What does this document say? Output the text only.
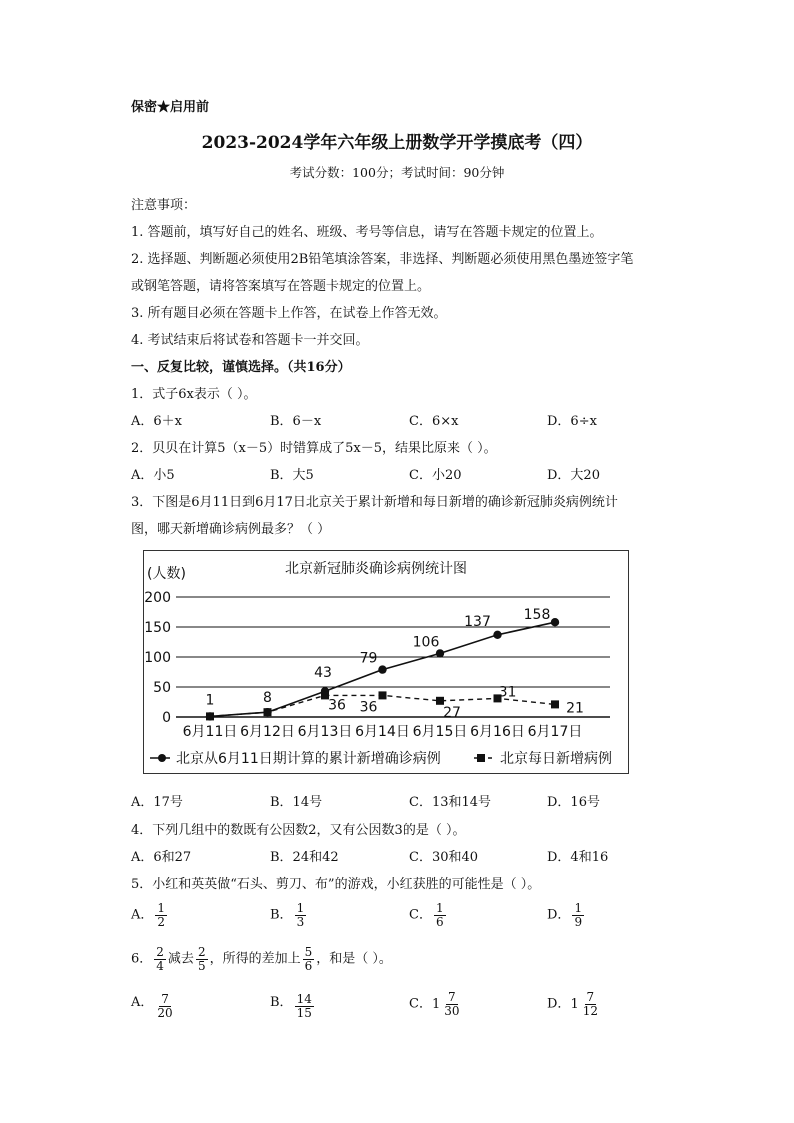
保密★启用前
2023-2024学年六年级上册数学开学摸底考（四）
考试分数：100分；考试时间：90分钟
注意事项：
1. 答题前，填写好自己的姓名、班级、考号等信息，请写在答题卡规定的位置上。
2. 选择题、判断题必须使用2B铅笔填涂答案，非选择、判断题必须使用黑色墨迹签字笔
或钢笔答题，请将答案填写在答题卡规定的位置上。
3. 所有题目必须在答题卡上作答，在试卷上作答无效。
4. 考试结束后将试卷和答题卡一并交回。
一、反复比较，谨慎选择。（共16分）
1．式子6x表示（ ）。
A．6＋x	B．6－x	C．6×x	D．6÷x
2．贝贝在计算5（x－5）时错算成了5x－5，结果比原来（ ）。
A．小5	B．大5	C．小20	D．大20
3．下图是6月11日到6月17日北京关于累计新增和每日新增的确诊新冠肺炎病例统计
图，哪天新增确诊病例最多？（ ）
北京新冠肺炎确诊病例统计图
(人数)
0
50
100
150
200
6月11日 6月12日 6月13日 6月14日 6月15日 6月16日 6月17日
1	8
43
79
106
137 158
36 36	27
31
21
北京从6月11日期计算的累计新增确诊病例	北京每日新增病例
A．17号	B．14号	C．13和14号	D．16号
4．下列几组中的数既有公因数2，又有公因数3的是（ ）。
A．6和27	B．24和42	C．30和40	D．4和16
5．小红和英英做“石头、剪刀、布”的游戏，小红获胜的可能性是（ ）。
A． $\frac{1}{2}$	B． $\frac{1}{3}$	C． $\frac{1}{6}$	D． $\frac{1}{9}$
6． $\frac{2}{4}$ 减去 $\frac{2}{5}$ ，所得的差加上 $\frac{5}{6}$ ，和是（ ）。
A． $\frac{7}{20}$	B． $\frac{14}{15}$	C． $1 \frac{7}{30}$	D． $1 \frac{7}{12}$
